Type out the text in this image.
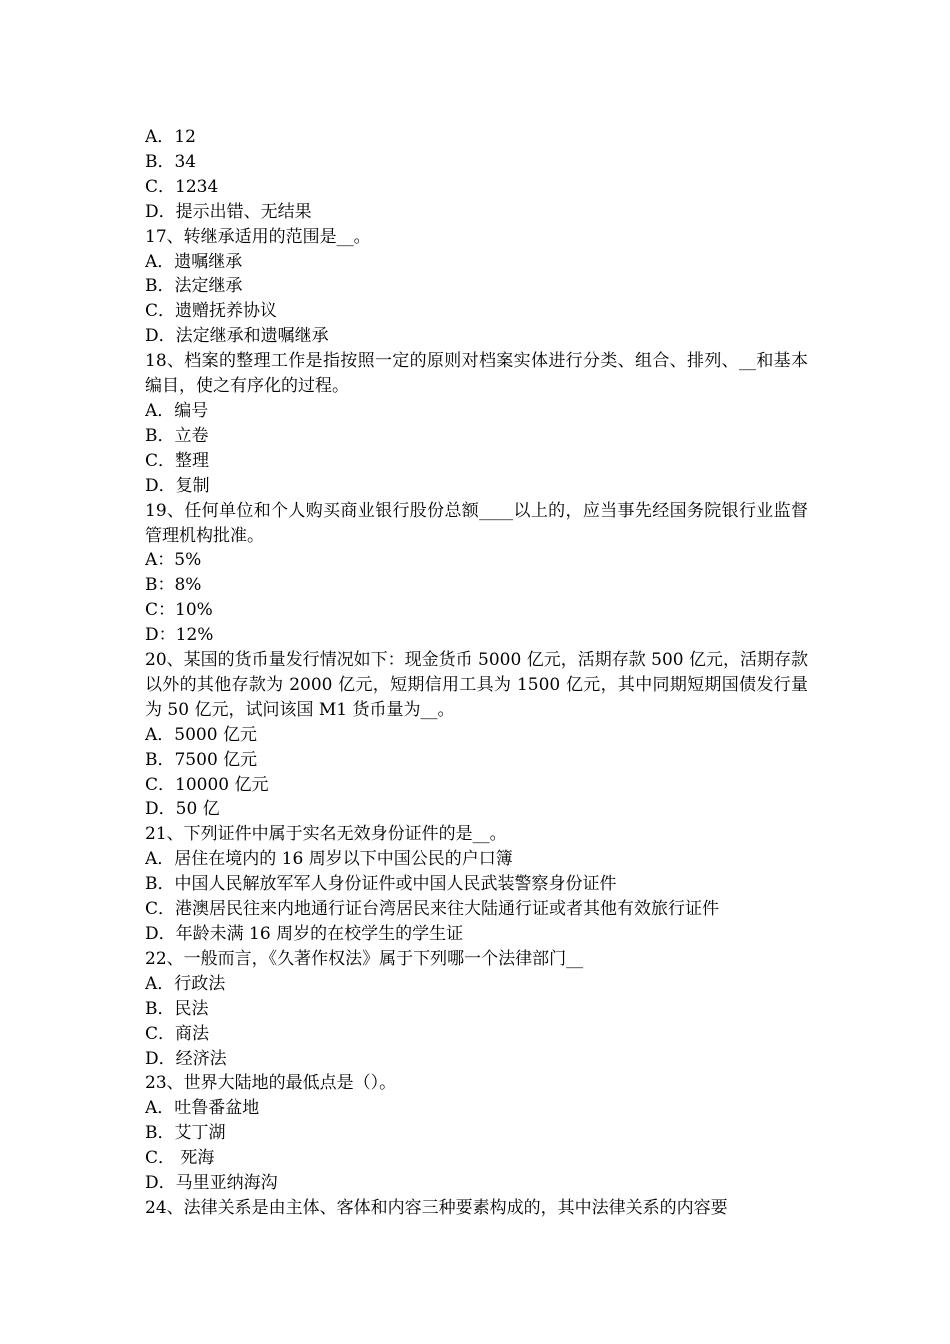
A．12
B．34
C．1234
D．提示出错、无结果
17、转继承适用的范围是__。
A．遗嘱继承
B．法定继承
C．遗赠抚养协议
D．法定继承和遗嘱继承
18、档案的整理工作是指按照一定的原则对档案实体进行分类、组合、排列、__和基本编目，使之有序化的过程。
A．编号
B．立卷
C．整理
D．复制
19、任何单位和个人购买商业银行股份总额____以上的，应当事先经国务院银行业监督管理机构批准。
A：5%
B：8%
C：10%
D：12%
20、某国的货币量发行情况如下：现金货币 5000 亿元，活期存款 500 亿元，活期存款以外的其他存款为 2000 亿元，短期信用工具为 1500 亿元，其中同期短期国债发行量为 50 亿元，试问该国 M1 货币量为__。
A．5000 亿元
B．7500 亿元
C．10000 亿元
D．50 亿
21、下列证件中属于实名无效身份证件的是__。
A．居住在境内的 16 周岁以下中国公民的户口簿
B．中国人民解放军军人身份证件或中国人民武装警察身份证件
C．港澳居民往来内地通行证台湾居民来往大陆通行证或者其他有效旅行证件
D．年龄未满 16 周岁的在校学生的学生证
22、一般而言，《久著作权法》属于下列哪一个法律部门__
A．行政法
B．民法
C．商法
D．经济法
23、世界大陆地的最低点是（）。
A．吐鲁番盆地
B．艾丁湖
C． 死海
D．马里亚纳海沟
24、法律关系是由主体、客体和内容三种要素构成的，其中法律关系的内容要
